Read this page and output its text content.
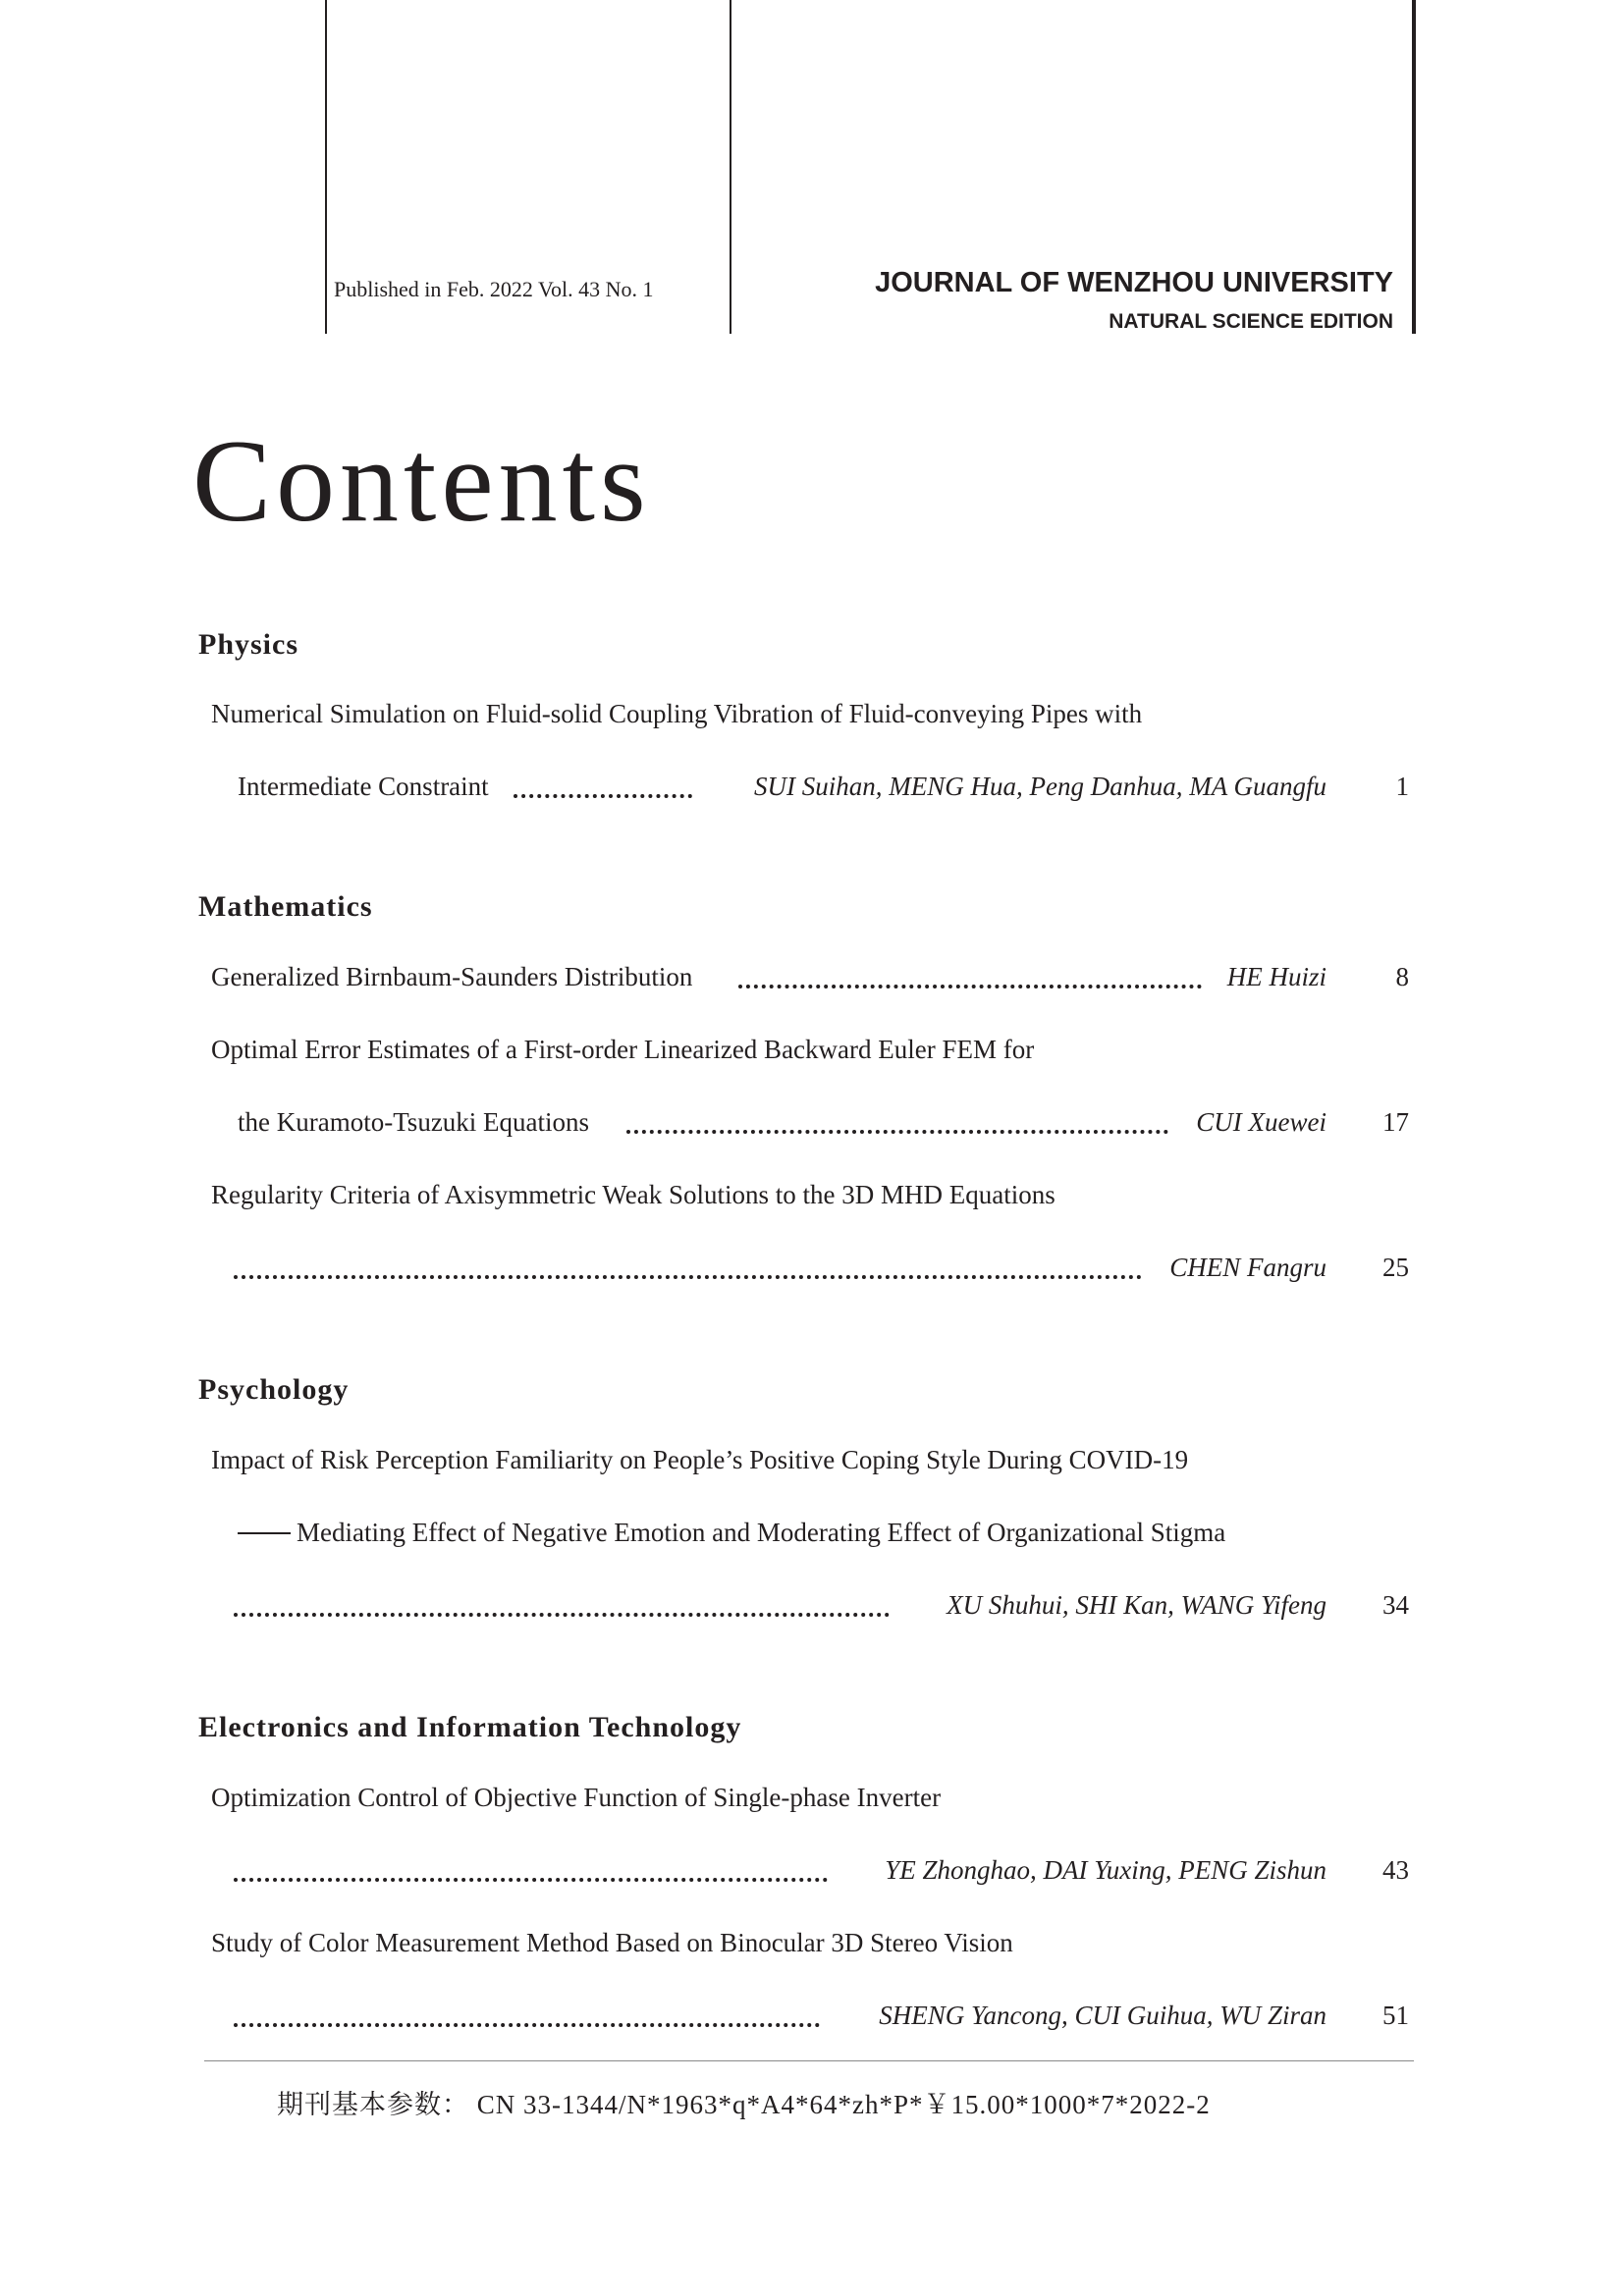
Published in Feb. 2022 Vol. 43 No. 1	JOURNAL OF WENZHOU UNIVERSITY
NATURAL SCIENCE EDITION
Contents
Physics
Numerical Simulation on Fluid-solid Coupling Vibration of Fluid-conveying Pipes with
Intermediate Constraint	SUI Suihan, MENG Hua, Peng Danhua, MA Guangfu	1
Mathematics
Generalized Birnbaum-Saunders Distribution	HE Huizi	8
Optimal Error Estimates of a First-order Linearized Backward Euler FEM for
the Kuramoto-Tsuzuki Equations	CUI Xuewei 17
Regularity Criteria of Axisymmetric Weak Solutions to the 3D MHD Equations
CHEN Fangru 25
Psychology
Impact of Risk Perception Familiarity on People’s Positive Coping Style During COVID-19
Mediating Effect of Negative Emotion and Moderating Effect of Organizational Stigma
XU Shuhui, SHI Kan, WANG Yifeng 34
Electronics and Information Technology
Optimization Control of Objective Function of Single-phase Inverter
YE Zhonghao, DAI Yuxing, PENG Zishun 43
Study of Color Measurement Method Based on Binocular 3D Stereo Vision
SHENG Yancong, CUI Guihua, WU Ziran 51
期刊基本参数： CN 33-1344/N*1963*q*A4*64*zh*P*￥15.00*1000*7*2022-2
